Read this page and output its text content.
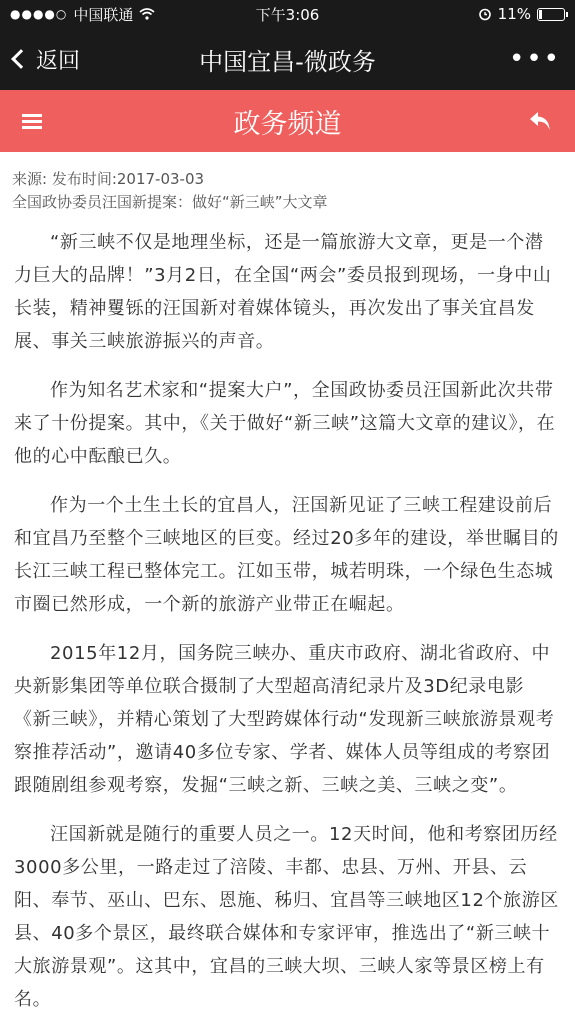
●●●●○ 中国联通	下午3:06	11%
返回	中国宜昌-微政务	•••
政务频道
来源: 发布时间:2017-03-03
全国政协委员汪国新提案：做好“新三峡”大文章

“新三峡不仅是地理坐标，还是一篇旅游大文章，更是一个潜力巨大的品牌！”3月2日，在全国“两会”委员报到现场，一身中山长装，精神矍铄的汪国新对着媒体镜头，再次发出了事关宜昌发展、事关三峡旅游振兴的声音。

作为知名艺术家和“提案大户”，全国政协委员汪国新此次共带来了十份提案。其中，《关于做好“新三峡”这篇大文章的建议》，在他的心中酝酿已久。

作为一个土生土长的宜昌人，汪国新见证了三峡工程建设前后和宜昌乃至整个三峡地区的巨变。经过20多年的建设，举世瞩目的长江三峡工程已整体完工。江如玉带，城若明珠，一个绿色生态城市圈已然形成，一个新的旅游产业带正在崛起。

2015年12月，国务院三峡办、重庆市政府、湖北省政府、中央新影集团等单位联合摄制了大型超高清纪录片及3D纪录电影《新三峡》，并精心策划了大型跨媒体行动“发现新三峡旅游景观考察推荐活动”，邀请40多位专家、学者、媒体人员等组成的考察团跟随剧组参观考察，发掘“三峡之新、三峡之美、三峡之变”。

汪国新就是随行的重要人员之一。12天时间，他和考察团历经3000多公里，一路走过了涪陵、丰都、忠县、万州、开县、云阳、奉节、巫山、巴东、恩施、秭归、宜昌等三峡地区12个旅游区县、40多个景区，最终联合媒体和专家评审，推选出了“新三峡十大旅游景观”。这其中，宜昌的三峡大坝、三峡人家等景区榜上有名。
